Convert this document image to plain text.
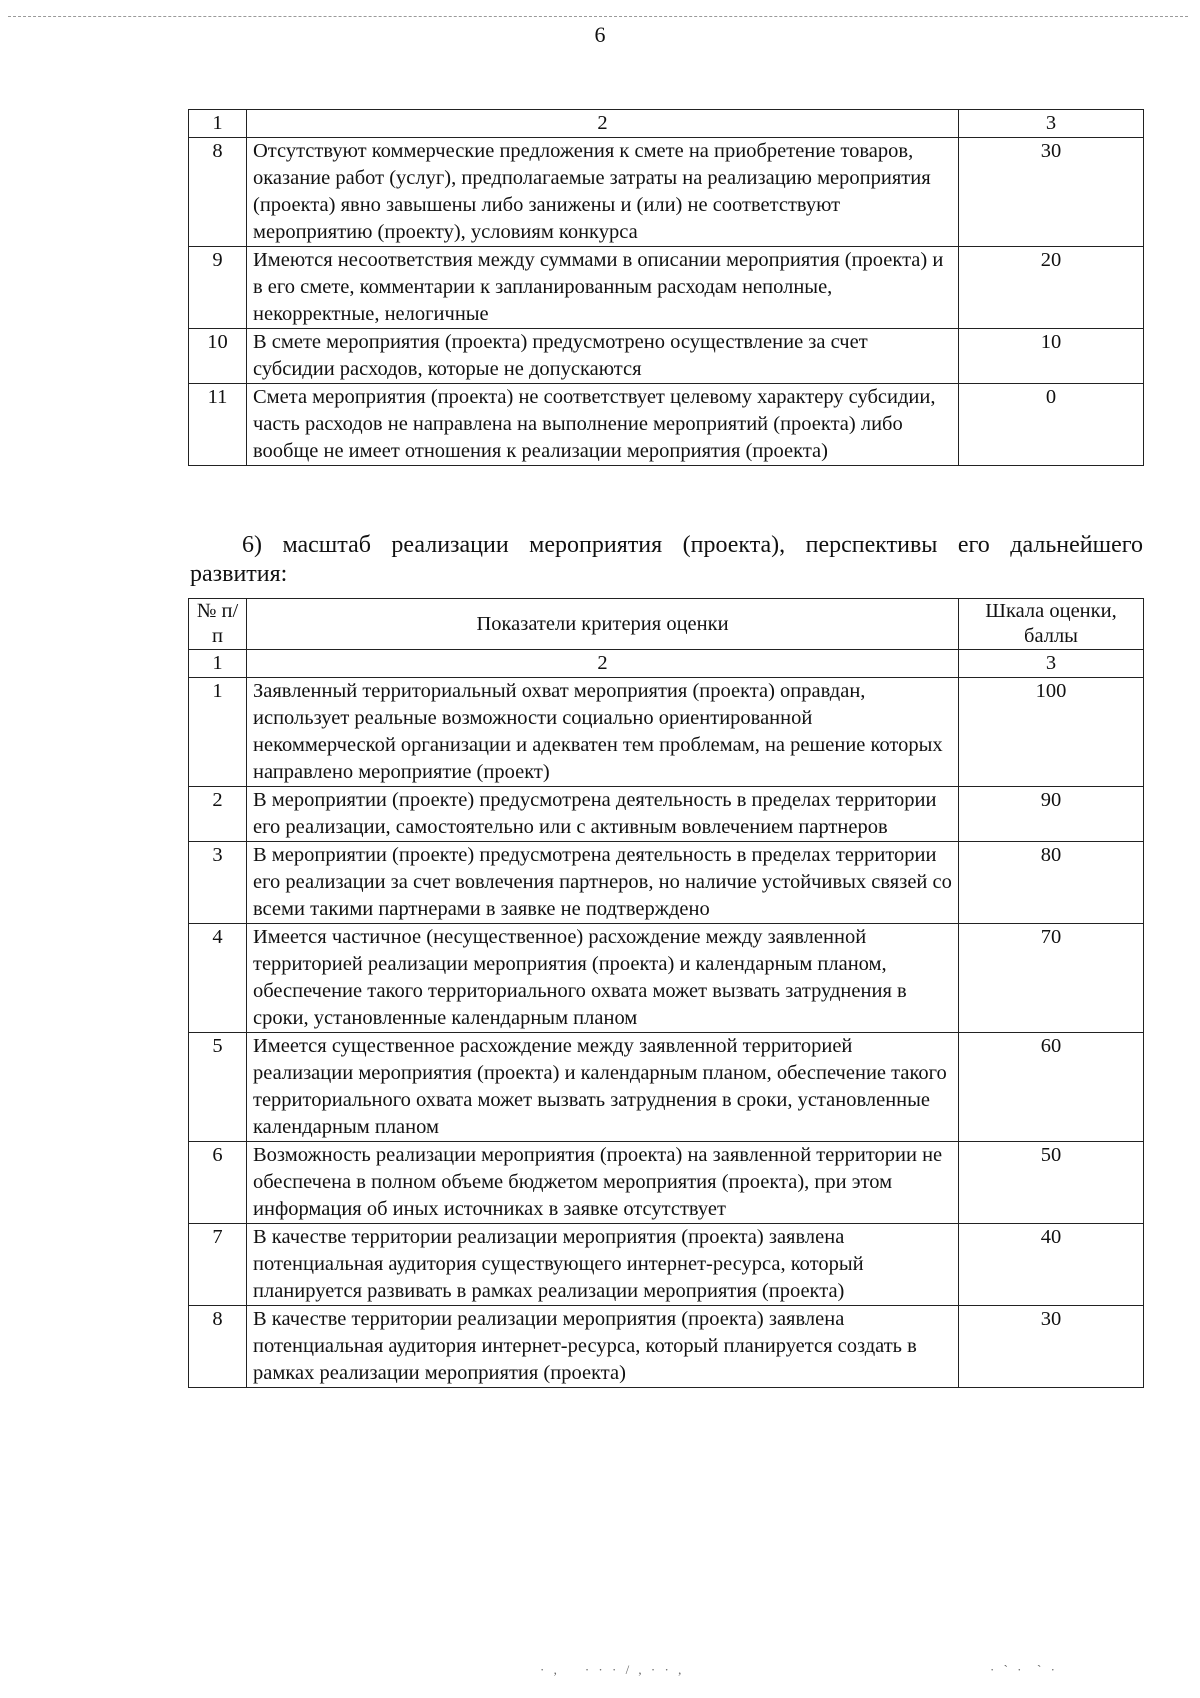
6
1	2	3
8	Отсутствуют коммерческие предложения к смете на приобретение товаров, оказание работ (услуг), предполагаемые затраты на реализацию мероприятия (проекта) явно завышены либо занижены и (или) не соответствуют мероприятию (проекту), условиям конкурса	30
9	Имеются несоответствия между суммами в описании мероприятия (проекта) и в его смете, комментарии к запланированным расходам неполные, некорректные, нелогичные	20
10	В смете мероприятия (проекта) предусмотрено осуществление за счет субсидии расходов, которые не допускаются	10
11	Смета мероприятия (проекта) не соответствует целевому характеру субсидии, часть расходов не направлена на выполнение мероприятий (проекта) либо вообще не имеет отношения к реализации мероприятия (проекта)	0
6) масштаб реализации мероприятия (проекта), перспективы его дальнейшего развития:
№ п/п	Показатели критерия оценки	Шкала оценки, баллы
1	2	3
1	Заявленный территориальный охват мероприятия (проекта) оправдан, использует реальные возможности социально ориентированной некоммерческой организации и адекватен тем проблемам, на решение которых направлено мероприятие (проект)	100
2	В мероприятии (проекте) предусмотрена деятельность в пределах территории его реализации, самостоятельно или с активным вовлечением партнеров	90
3	В мероприятии (проекте) предусмотрена деятельность в пределах территории его реализации за счет вовлечения партнеров, но наличие устойчивых связей со всеми такими партнерами в заявке не подтверждено	80
4	Имеется частичное (несущественное) расхождение между заявленной территорией реализации мероприятия (проекта) и календарным планом, обеспечение такого территориального охвата может вызвать затруднения в сроки, установленные календарным планом	70
5	Имеется существенное расхождение между заявленной территорией реализации мероприятия (проекта) и календарным планом, обеспечение такого территориального охвата может вызвать затруднения в сроки, установленные календарным планом	60
6	Возможность реализации мероприятия (проекта) на заявленной территории не обеспечена в полном объеме бюджетом мероприятия (проекта), при этом информация об иных источниках в заявке отсутствует	50
7	В качестве территории реализации мероприятия (проекта) заявлена потенциальная аудитория существующего интернет-ресурса, который планируется развивать в рамках реализации мероприятия (проекта)	40
8	В качестве территории реализации мероприятия (проекта) заявлена потенциальная аудитория интернет-ресурса, который планируется создать в рамках реализации мероприятия (проекта)	30
· ,    · · · / , · · ,	· ` ·  ` ·
